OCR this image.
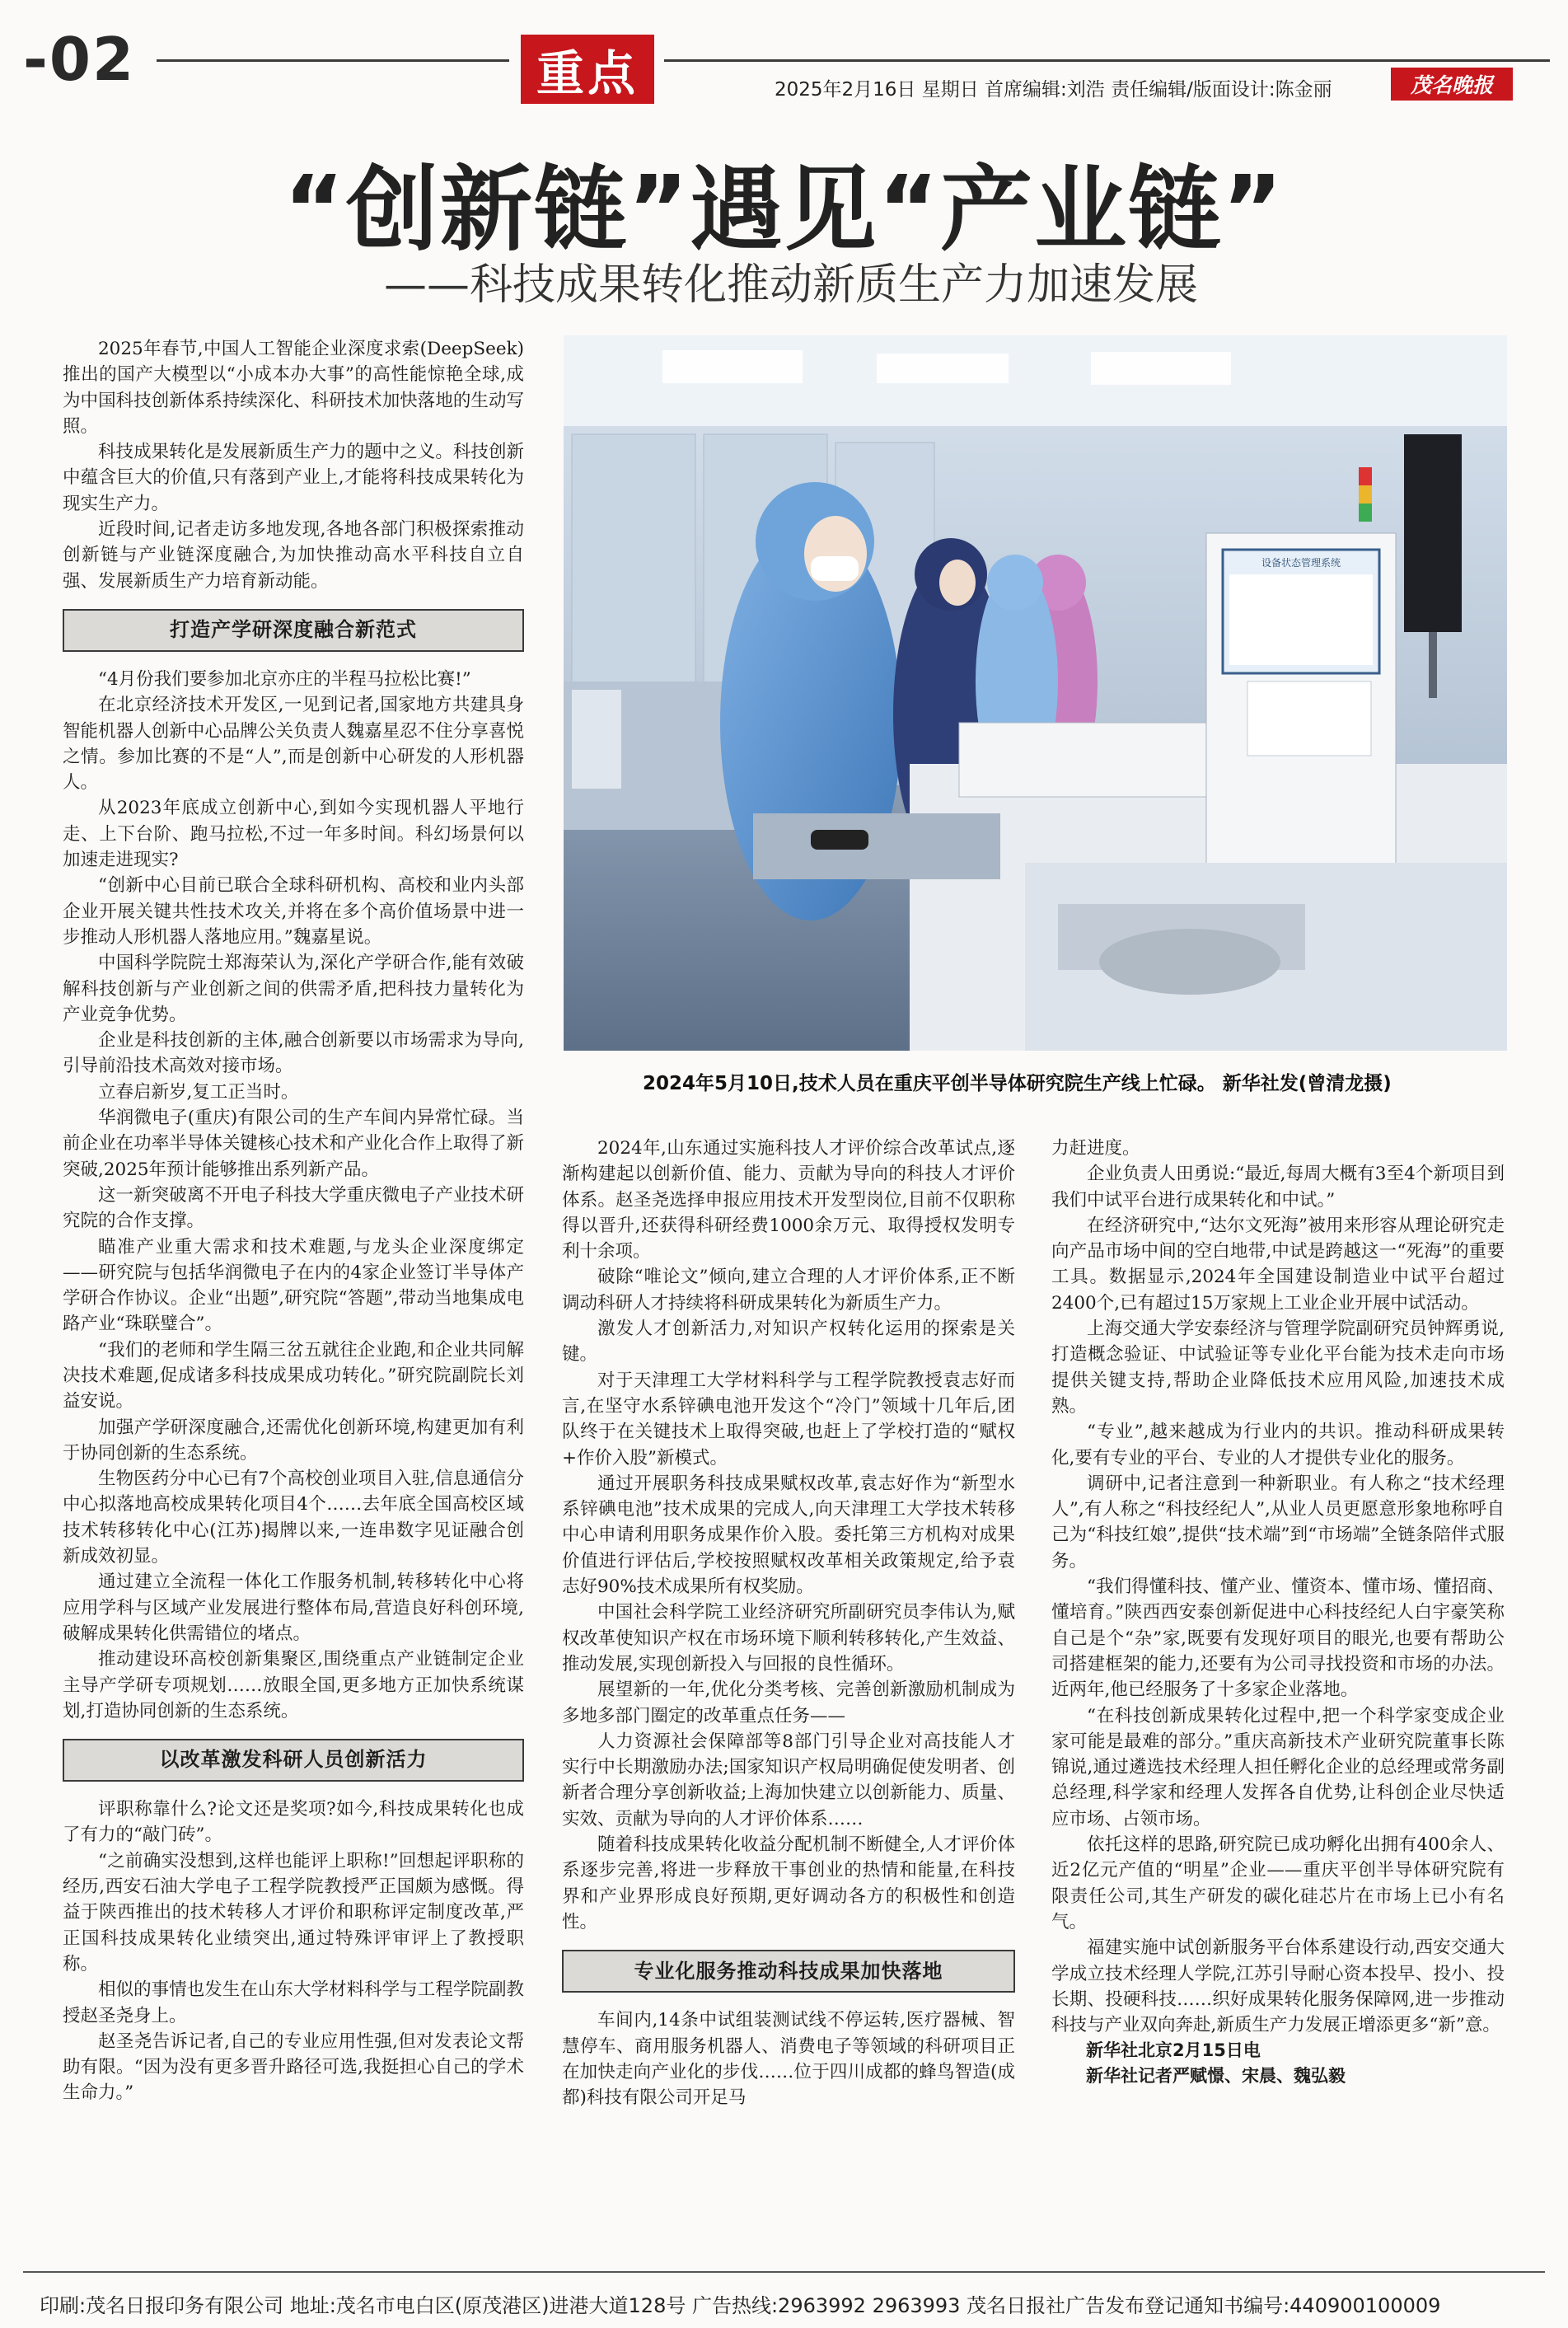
-02	重点	2025年2月16日 星期日 首席编辑:刘浩 责任编辑/版面设计:陈金丽	茂名晚报
“创新链”遇见“产业链”
——科技成果转化推动新质生产力加速发展
设备状态管理系统
2024年5月10日,技术人员在重庆平创半导体研究院生产线上忙碌。 新华社发(曾清龙摄)

2025年春节,中国人工智能企业深度求索(DeepSeek)推出的国产大模型以“小成本办大事”的高性能惊艳全球,成为中国科技创新体系持续深化、科研技术加快落地的生动写照。

科技成果转化是发展新质生产力的题中之义。科技创新中蕴含巨大的价值,只有落到产业上,才能将科技成果转化为现实生产力。

近段时间,记者走访多地发现,各地各部门积极探索推动创新链与产业链深度融合,为加快推动高水平科技自立自强、发展新质生产力培育新动能。

打造产学研深度融合新范式

“4月份我们要参加北京亦庄的半程马拉松比赛!”

在北京经济技术开发区,一见到记者,国家地方共建具身智能机器人创新中心品牌公关负责人魏嘉星忍不住分享喜悦之情。参加比赛的不是“人”,而是创新中心研发的人形机器人。

从2023年底成立创新中心,到如今实现机器人平地行走、上下台阶、跑马拉松,不过一年多时间。科幻场景何以加速走进现实?

“创新中心目前已联合全球科研机构、高校和业内头部企业开展关键共性技术攻关,并将在多个高价值场景中进一步推动人形机器人落地应用。”魏嘉星说。

中国科学院院士郑海荣认为,深化产学研合作,能有效破解科技创新与产业创新之间的供需矛盾,把科技力量转化为产业竞争优势。

企业是科技创新的主体,融合创新要以市场需求为导向,引导前沿技术高效对接市场。

立春启新岁,复工正当时。

华润微电子(重庆)有限公司的生产车间内异常忙碌。当前企业在功率半导体关键核心技术和产业化合作上取得了新突破,2025年预计能够推出系列新产品。

这一新突破离不开电子科技大学重庆微电子产业技术研究院的合作支撑。

瞄准产业重大需求和技术难题,与龙头企业深度绑定——研究院与包括华润微电子在内的4家企业签订半导体产学研合作协议。企业“出题”,研究院“答题”,带动当地集成电路产业“珠联璧合”。

“我们的老师和学生隔三岔五就往企业跑,和企业共同解决技术难题,促成诸多科技成果成功转化。”研究院副院长刘益安说。

加强产学研深度融合,还需优化创新环境,构建更加有利于协同创新的生态系统。

生物医药分中心已有7个高校创业项目入驻,信息通信分中心拟落地高校成果转化项目4个……去年底全国高校区域技术转移转化中心(江苏)揭牌以来,一连串数字见证融合创新成效初显。

通过建立全流程一体化工作服务机制,转移转化中心将应用学科与区域产业发展进行整体布局,营造良好科创环境,破解成果转化供需错位的堵点。

推动建设环高校创新集聚区,围绕重点产业链制定企业主导产学研专项规划……放眼全国,更多地方正加快系统谋划,打造协同创新的生态系统。

以改革激发科研人员创新活力

评职称靠什么?论文还是奖项?如今,科技成果转化也成了有力的“敲门砖”。

“之前确实没想到,这样也能评上职称!”回想起评职称的经历,西安石油大学电子工程学院教授严正国颇为感慨。得益于陕西推出的技术转移人才评价和职称评定制度改革,严正国科技成果转化业绩突出,通过特殊评审评上了教授职称。

相似的事情也发生在山东大学材料科学与工程学院副教授赵圣尧身上。

赵圣尧告诉记者,自己的专业应用性强,但对发表论文帮助有限。“因为没有更多晋升路径可选,我挺担心自己的学术生命力。”

2024年,山东通过实施科技人才评价综合改革试点,逐渐构建起以创新价值、能力、贡献为导向的科技人才评价体系。赵圣尧选择申报应用技术开发型岗位,目前不仅职称得以晋升,还获得科研经费1000余万元、取得授权发明专利十余项。

破除“唯论文”倾向,建立合理的人才评价体系,正不断调动科研人才持续将科研成果转化为新质生产力。

激发人才创新活力,对知识产权转化运用的探索是关键。

对于天津理工大学材料科学与工程学院教授袁志好而言,在坚守水系锌碘电池开发这个“冷门”领域十几年后,团队终于在关键技术上取得突破,也赶上了学校打造的“赋权+作价入股”新模式。

通过开展职务科技成果赋权改革,袁志好作为“新型水系锌碘电池”技术成果的完成人,向天津理工大学技术转移中心申请利用职务成果作价入股。委托第三方机构对成果价值进行评估后,学校按照赋权改革相关政策规定,给予袁志好90%技术成果所有权奖励。

中国社会科学院工业经济研究所副研究员李伟认为,赋权改革使知识产权在市场环境下顺利转移转化,产生效益、推动发展,实现创新投入与回报的良性循环。

展望新的一年,优化分类考核、完善创新激励机制成为多地多部门圈定的改革重点任务——

人力资源社会保障部等8部门引导企业对高技能人才实行中长期激励办法;国家知识产权局明确促使发明者、创新者合理分享创新收益;上海加快建立以创新能力、质量、实效、贡献为导向的人才评价体系……

随着科技成果转化收益分配机制不断健全,人才评价体系逐步完善,将进一步释放干事创业的热情和能量,在科技界和产业界形成良好预期,更好调动各方的积极性和创造性。

专业化服务推动科技成果加快落地

车间内,14条中试组装测试线不停运转,医疗器械、智慧停车、商用服务机器人、消费电子等领域的科研项目正在加快走向产业化的步伐……位于四川成都的蜂鸟智造(成都)科技有限公司开足马

力赶进度。

企业负责人田勇说:“最近,每周大概有3至4个新项目到我们中试平台进行成果转化和中试。”

在经济研究中,“达尔文死海”被用来形容从理论研究走向产品市场中间的空白地带,中试是跨越这一“死海”的重要工具。数据显示,2024年全国建设制造业中试平台超过2400个,已有超过15万家规上工业企业开展中试活动。

上海交通大学安泰经济与管理学院副研究员钟辉勇说,打造概念验证、中试验证等专业化平台能为技术走向市场提供关键支持,帮助企业降低技术应用风险,加速技术成熟。

“专业”,越来越成为行业内的共识。推动科研成果转化,要有专业的平台、专业的人才提供专业化的服务。

调研中,记者注意到一种新职业。有人称之“技术经理人”,有人称之“科技经纪人”,从业人员更愿意形象地称呼自己为“科技红娘”,提供“技术端”到“市场端”全链条陪伴式服务。

“我们得懂科技、懂产业、懂资本、懂市场、懂招商、懂培育。”陕西西安泰创新促进中心科技经纪人白宇豪笑称自己是个“杂”家,既要有发现好项目的眼光,也要有帮助公司搭建框架的能力,还要有为公司寻找投资和市场的办法。近两年,他已经服务了十多家企业落地。

“在科技创新成果转化过程中,把一个科学家变成企业家可能是最难的部分。”重庆高新技术产业研究院董事长陈锦说,通过遴选技术经理人担任孵化企业的总经理或常务副总经理,科学家和经理人发挥各自优势,让科创企业尽快适应市场、占领市场。

依托这样的思路,研究院已成功孵化出拥有400余人、近2亿元产值的“明星”企业——重庆平创半导体研究院有限责任公司,其生产研发的碳化硅芯片在市场上已小有名气。

福建实施中试创新服务平台体系建设行动,西安交通大学成立技术经理人学院,江苏引导耐心资本投早、投小、投长期、投硬科技……织好成果转化服务保障网,进一步推动科技与产业双向奔赴,新质生产力发展正增添更多“新”意。

新华社北京2月15日电
新华社记者严赋憬、宋晨、魏弘毅
印刷:茂名日报印务有限公司 地址:茂名市电白区(原茂港区)进港大道128号 广告热线:2963992 2963993 茂名日报社广告发布登记通知书编号:440900100009
